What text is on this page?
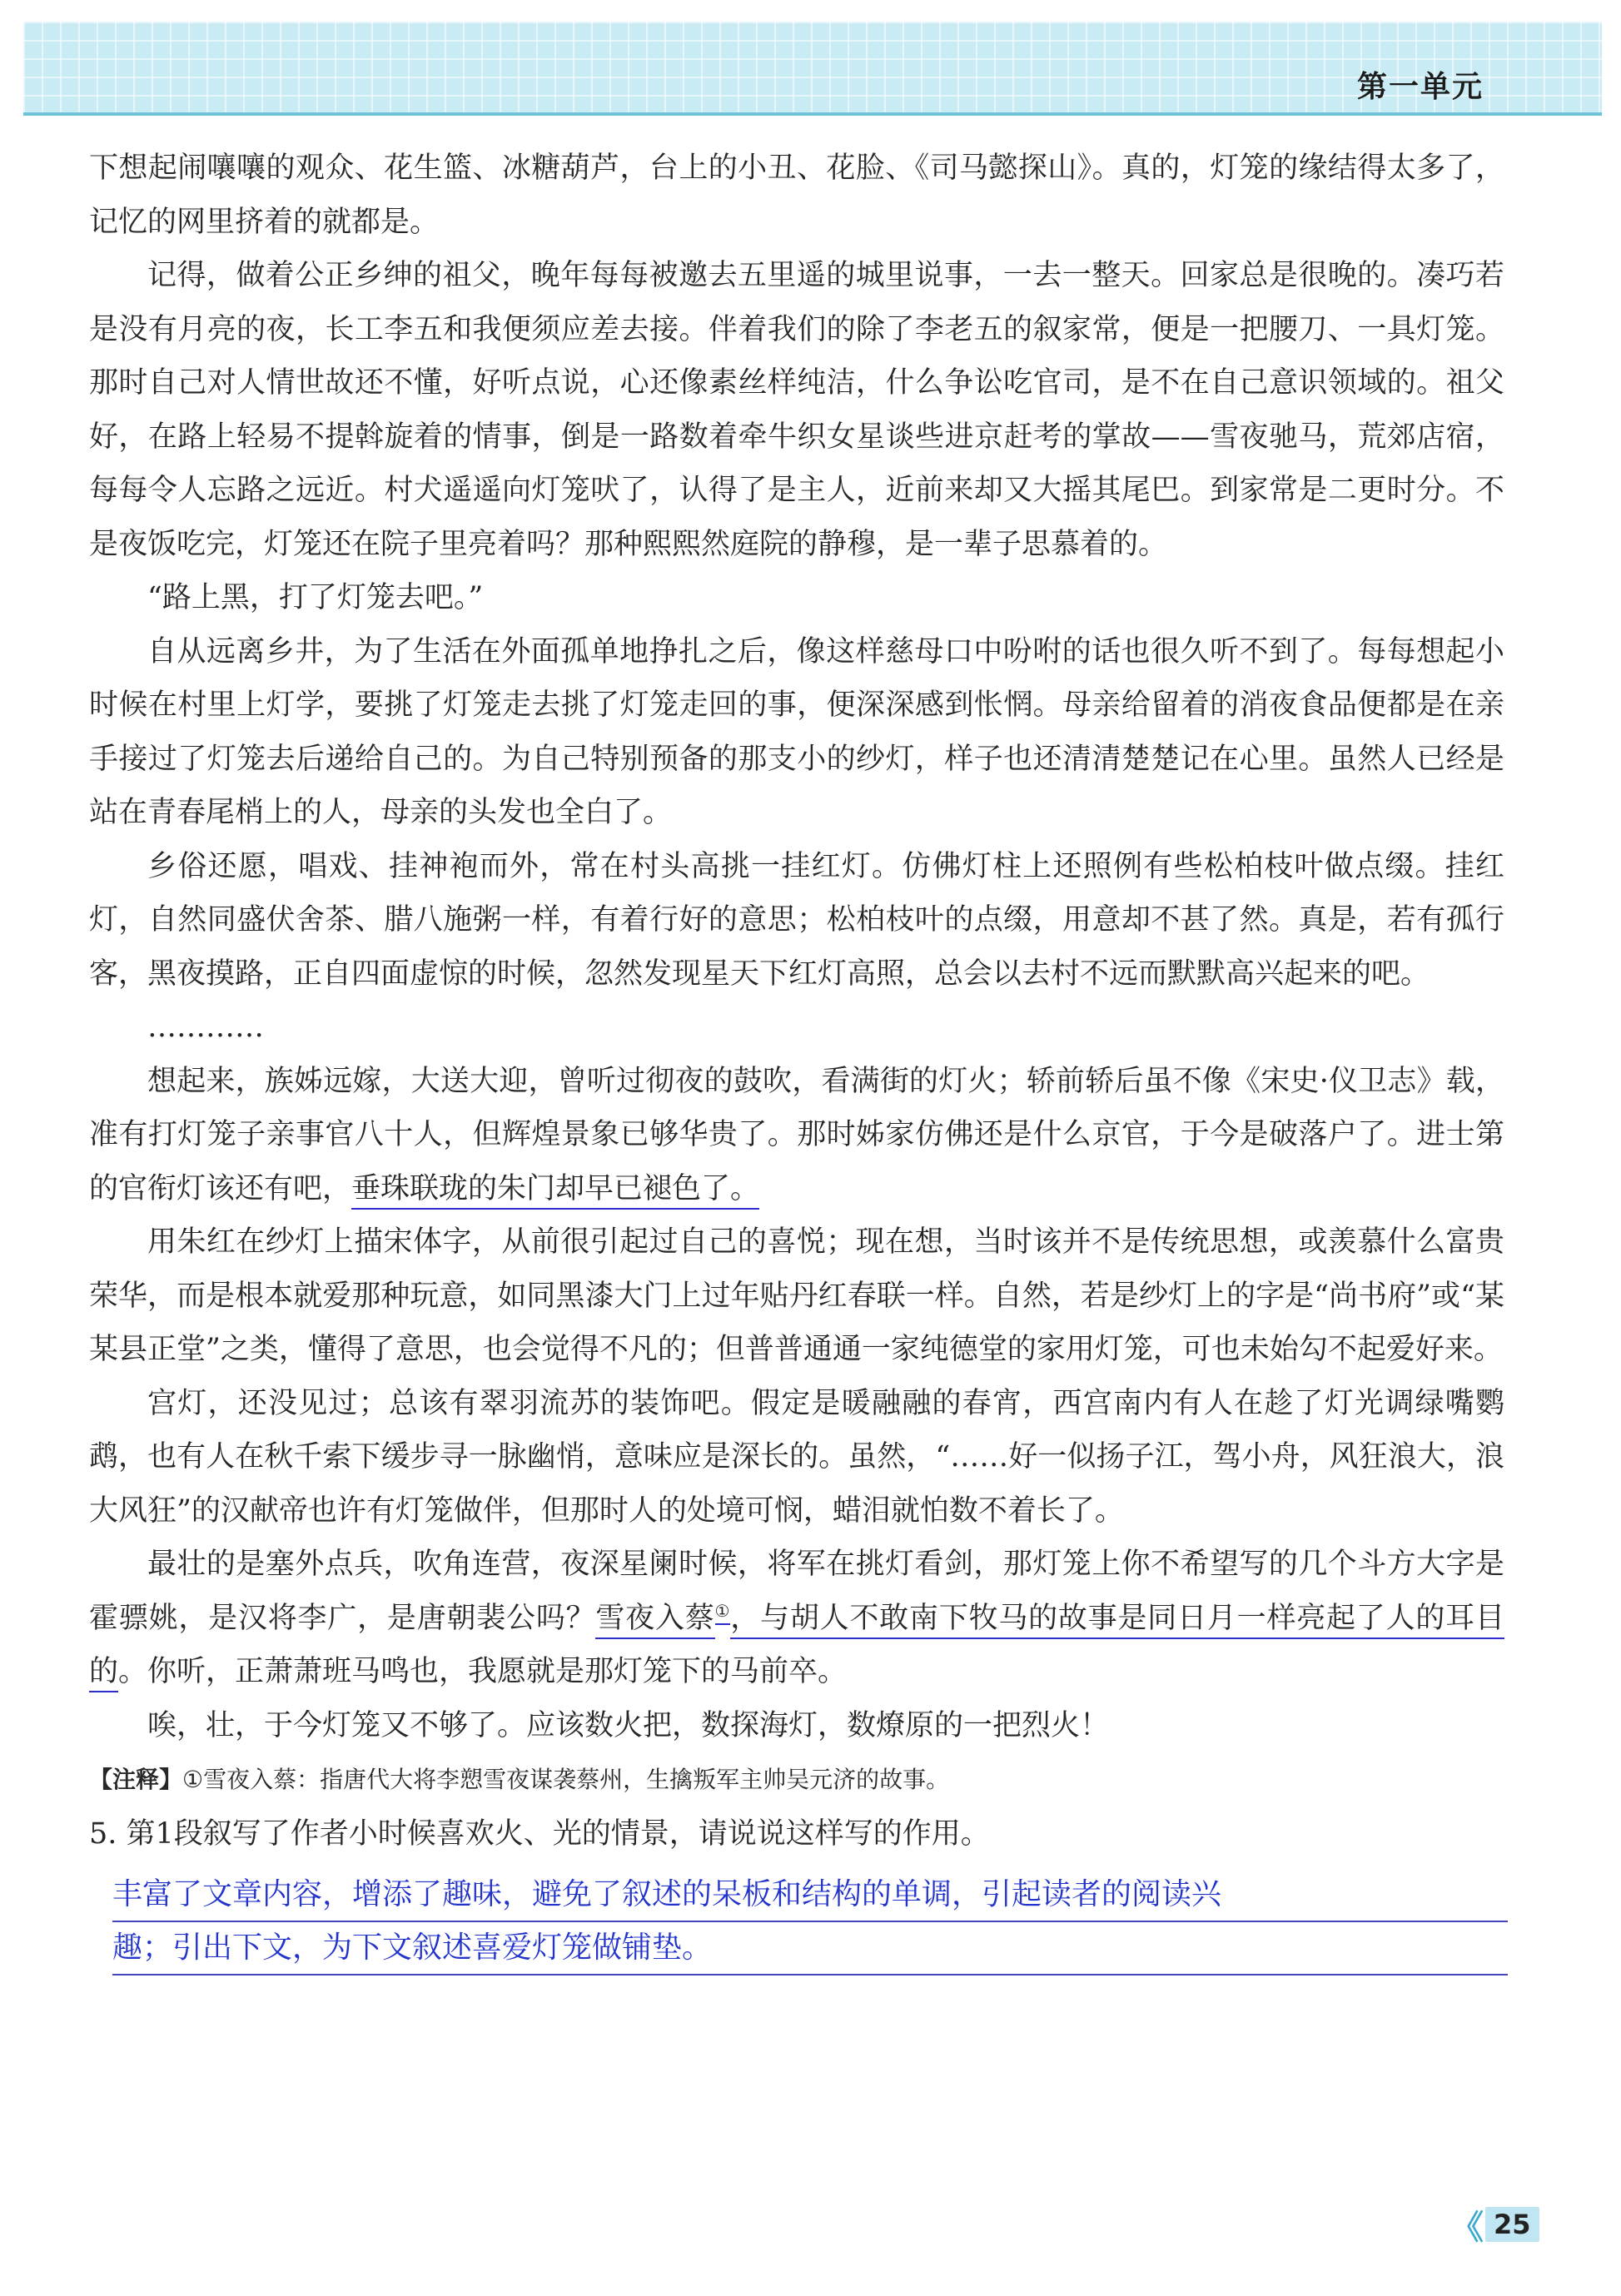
第一单元

下想起闹嚷嚷的观众、花生篮、冰糖葫芦，台上的小丑、花脸、《司马懿探山》。真的，灯笼的缘结得太多了，记忆的网里挤着的就都是。

记得，做着公正乡绅的祖父，晚年每每被邀去五里遥的城里说事，一去一整天。回家总是很晚的。凑巧若是没有月亮的夜，长工李五和我便须应差去接。伴着我们的除了李老五的叙家常，便是一把腰刀、一具灯笼。那时自己对人情世故还不懂，好听点说，心还像素丝样纯洁，什么争讼吃官司，是不在自己意识领域的。祖父好，在路上轻易不提斡旋着的情事，倒是一路数着牵牛织女星谈些进京赶考的掌故——雪夜驰马，荒郊店宿，每每令人忘路之远近。村犬遥遥向灯笼吠了，认得了是主人，近前来却又大摇其尾巴。到家常是二更时分。不是夜饭吃完，灯笼还在院子里亮着吗？那种熙熙然庭院的静穆，是一辈子思慕着的。

“路上黑，打了灯笼去吧。”

自从远离乡井，为了生活在外面孤单地挣扎之后，像这样慈母口中吩咐的话也很久听不到了。每每想起小时候在村里上灯学，要挑了灯笼走去挑了灯笼走回的事，便深深感到怅惘。母亲给留着的消夜食品便都是在亲手接过了灯笼去后递给自己的。为自己特别预备的那支小的纱灯，样子也还清清楚楚记在心里。虽然人已经是站在青春尾梢上的人，母亲的头发也全白了。

乡俗还愿，唱戏、挂神袍而外，常在村头高挑一挂红灯。仿佛灯柱上还照例有些松柏枝叶做点缀。挂红灯，自然同盛伏舍茶、腊八施粥一样，有着行好的意思；松柏枝叶的点缀，用意却不甚了然。真是，若有孤行客，黑夜摸路，正自四面虚惊的时候，忽然发现星天下红灯高照，总会以去村不远而默默高兴起来的吧。

…………

想起来，族姊远嫁，大送大迎，曾听过彻夜的鼓吹，看满街的灯火；轿前轿后虽不像《宋史·仪卫志》载，准有打灯笼子亲事官八十人，但辉煌景象已够华贵了。那时姊家仿佛还是什么京官，于今是破落户了。进士第的官衔灯该还有吧，垂珠联珑的朱门却早已褪色了。

用朱红在纱灯上描宋体字，从前很引起过自己的喜悦；现在想，当时该并不是传统思想，或羡慕什么富贵荣华，而是根本就爱那种玩意，如同黑漆大门上过年贴丹红春联一样。自然，若是纱灯上的字是“尚书府”或“某某县正堂”之类，懂得了意思，也会觉得不凡的；但普普通通一家纯德堂的家用灯笼，可也未始勾不起爱好来。

宫灯，还没见过；总该有翠羽流苏的装饰吧。假定是暖融融的春宵，西宫南内有人在趁了灯光调绿嘴鹦鹉，也有人在秋千索下缓步寻一脉幽悄，意味应是深长的。虽然，“……好一似扬子江，驾小舟，风狂浪大，浪大风狂”的汉献帝也许有灯笼做伴，但那时人的处境可悯，蜡泪就怕数不着长了。

最壮的是塞外点兵，吹角连营，夜深星阑时候，将军在挑灯看剑，那灯笼上你不希望写的几个斗方大字是霍骠姚，是汉将李广，是唐朝裴公吗？雪夜入蔡①，与胡人不敢南下牧马的故事是同日月一样亮起了人的耳目的。你听，正萧萧班马鸣也，我愿就是那灯笼下的马前卒。

唉，壮，于今灯笼又不够了。应该数火把，数探海灯，数燎原的一把烈火！

【注释】①雪夜入蔡：指唐代大将李愬雪夜谋袭蔡州，生擒叛军主帅吴元济的故事。

5. 第1段叙写了作者小时候喜欢火、光的情景，请说说这样写的作用。

丰富了文章内容，增添了趣味，避免了叙述的呆板和结构的单调，引起读者的阅读兴
趣；引出下文，为下文叙述喜爱灯笼做铺垫。
《 25
